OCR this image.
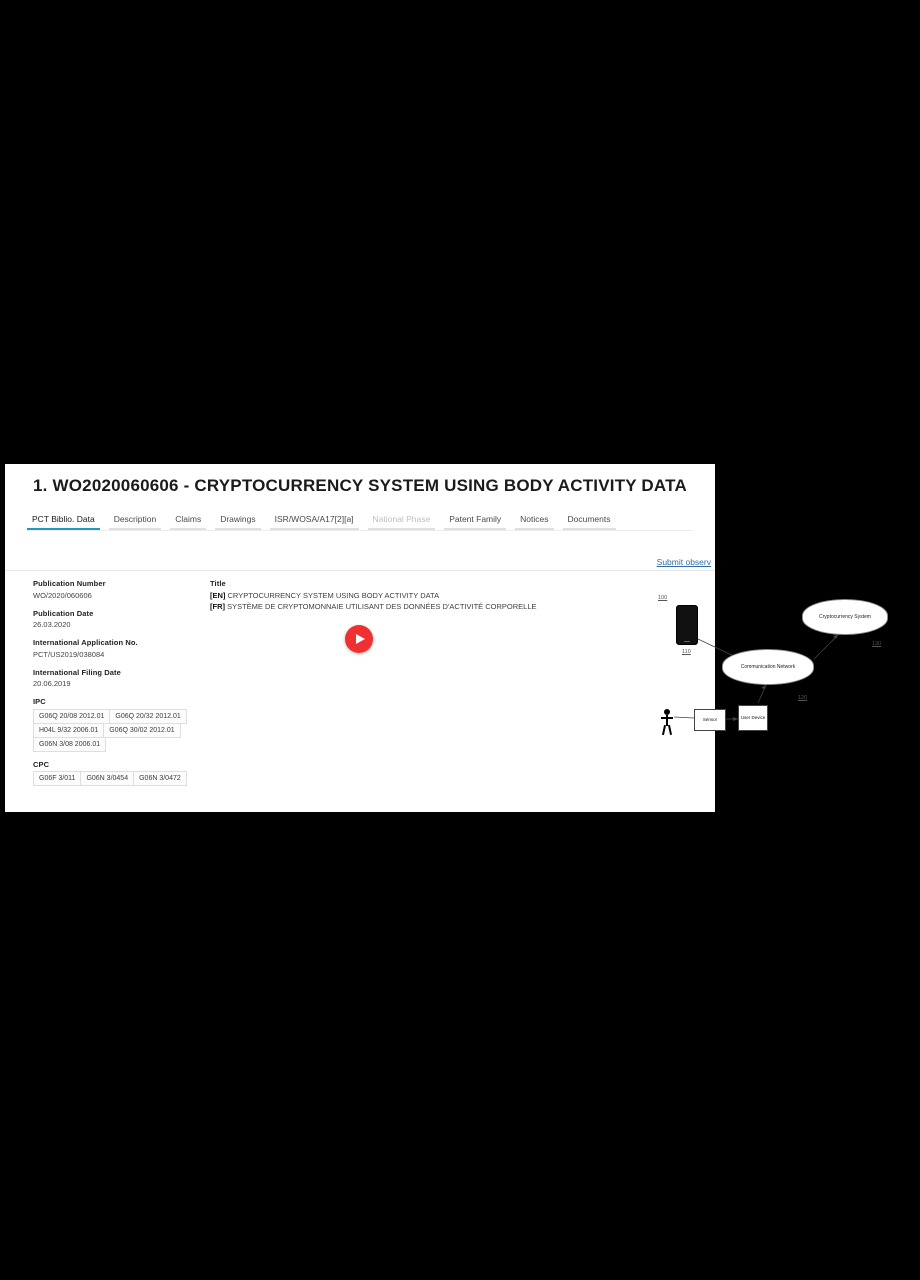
1. WO2020060606 - CRYPTOCURRENCY SYSTEM USING BODY ACTIVITY DATA
PCT Biblio. Data	Description	Claims	Drawings	ISR/WOSA/A17[2][a]	National Phase	Patent Family	Notices	Documents
Submit observ
Publication Number
WO/2020/060606
Publication Date
26.03.2020
International Application No.
PCT/US2019/038084
International Filing Date
20.06.2019
IPC
G06Q 20/08 2012.01	G06Q 20/32 2012.01
H04L 9/32 2006.01	G06Q 30/02 2012.01
G06N 3/08 2006.01
CPC
G06F 3/011	G06N 3/0454	G06N 3/0472
Title
[EN] CRYPTOCURRENCY SYSTEM USING BODY ACTIVITY DATA
[FR] SYSTÈME DE CRYPTOMONNAIE UTILISANT DES DONNÉES D'ACTIVITÉ CORPORELLE
100
110
120
130
Cryptocurrency System
Communication Network
Sensor	User Device
